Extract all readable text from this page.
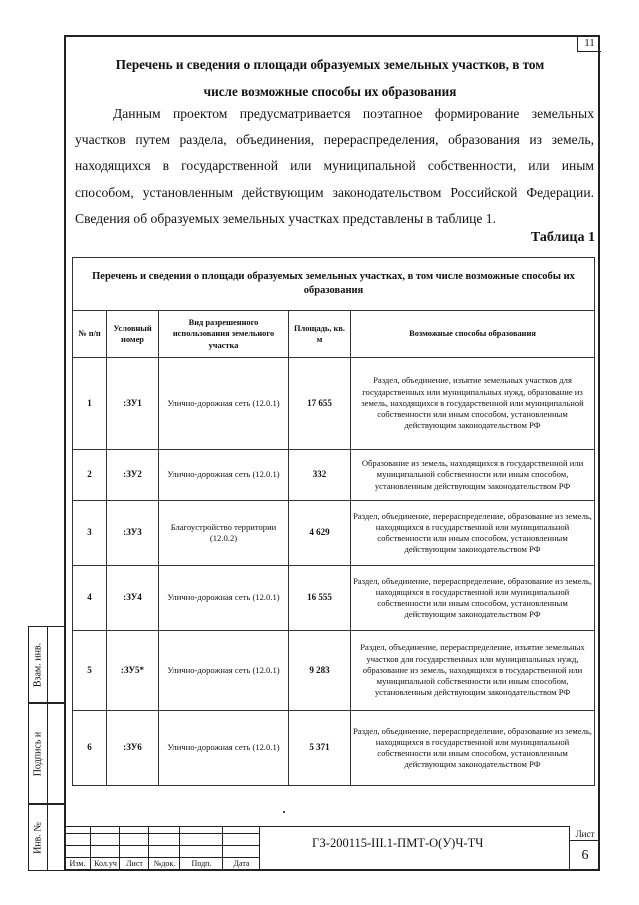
11
Перечень и сведения о площади образуемых земельных участков, в том
числе возможные способы их образования
Данным проектом предусматривается поэтапное формирование земельных участков путем раздела, объединения, перераспределения, образования из земель, находящихся в государственной или муниципальной собственности, или иным способом, установленным действующим законодательством Российской Федерации. Сведения об образуемых земельных участках представлены в таблице 1.
Таблица 1
Перечень и сведения о площади образуемых земельных участках, в том числе возможные способы их образования				
№ п/п	Условный номер	Вид разрешенного использования земельного участка	Площадь, кв. м	Возможные способы образования
1	:ЗУ1	Улично-дорожная сеть (12.0.1)	17 655	Раздел, объединение, изъятие земельных участков для государственных или муниципальных нужд, образование из земель, находящихся в государственной или муниципальной собственности или иным способом, установленным действующим законодательством РФ
2	:ЗУ2	Улично-дорожная сеть (12.0.1)	332	Образование из земель, находящихся в государственной или муниципальной собственности или иным способом, установленным действующим законодательством РФ
3	:ЗУ3	Благоустройство территории (12.0.2)	4 629	Раздел, объединение, перераспределение, образование из земель, находящихся в государственной или муниципальной собственности или иным способом, установленным действующим законодательством РФ
4	:ЗУ4	Улично-дорожная сеть (12.0.1)	16 555	Раздел, объединение, перераспределение, образование из земель, находящихся в государственной или муниципальной собственности или иным способом, установленным действующим законодательством РФ
5	:ЗУ5*	Улично-дорожная сеть (12.0.1)	9 283	Раздел, объединение, перераспределение, изъятие земельных участков для государственных или муниципальных нужд, образование из земель, находящихся в государственной или муниципальной собственности или иным способом, установленным действующим законодательством РФ
6	:ЗУ6	Улично-дорожная сеть (12.0.1)	5 371	Раздел, объединение, перераспределение, образование из земель, находящихся в государственной или муниципальной собственности или иным способом, установленным действующим законодательством РФ
Взам. инв.
Подпись и
Инв. №
Изм.	Кол.уч	Лист	№док.	Подп.	Дата
ГЗ-200115-III.1-ПМТ-О(У)Ч-ТЧ
Лист
6
